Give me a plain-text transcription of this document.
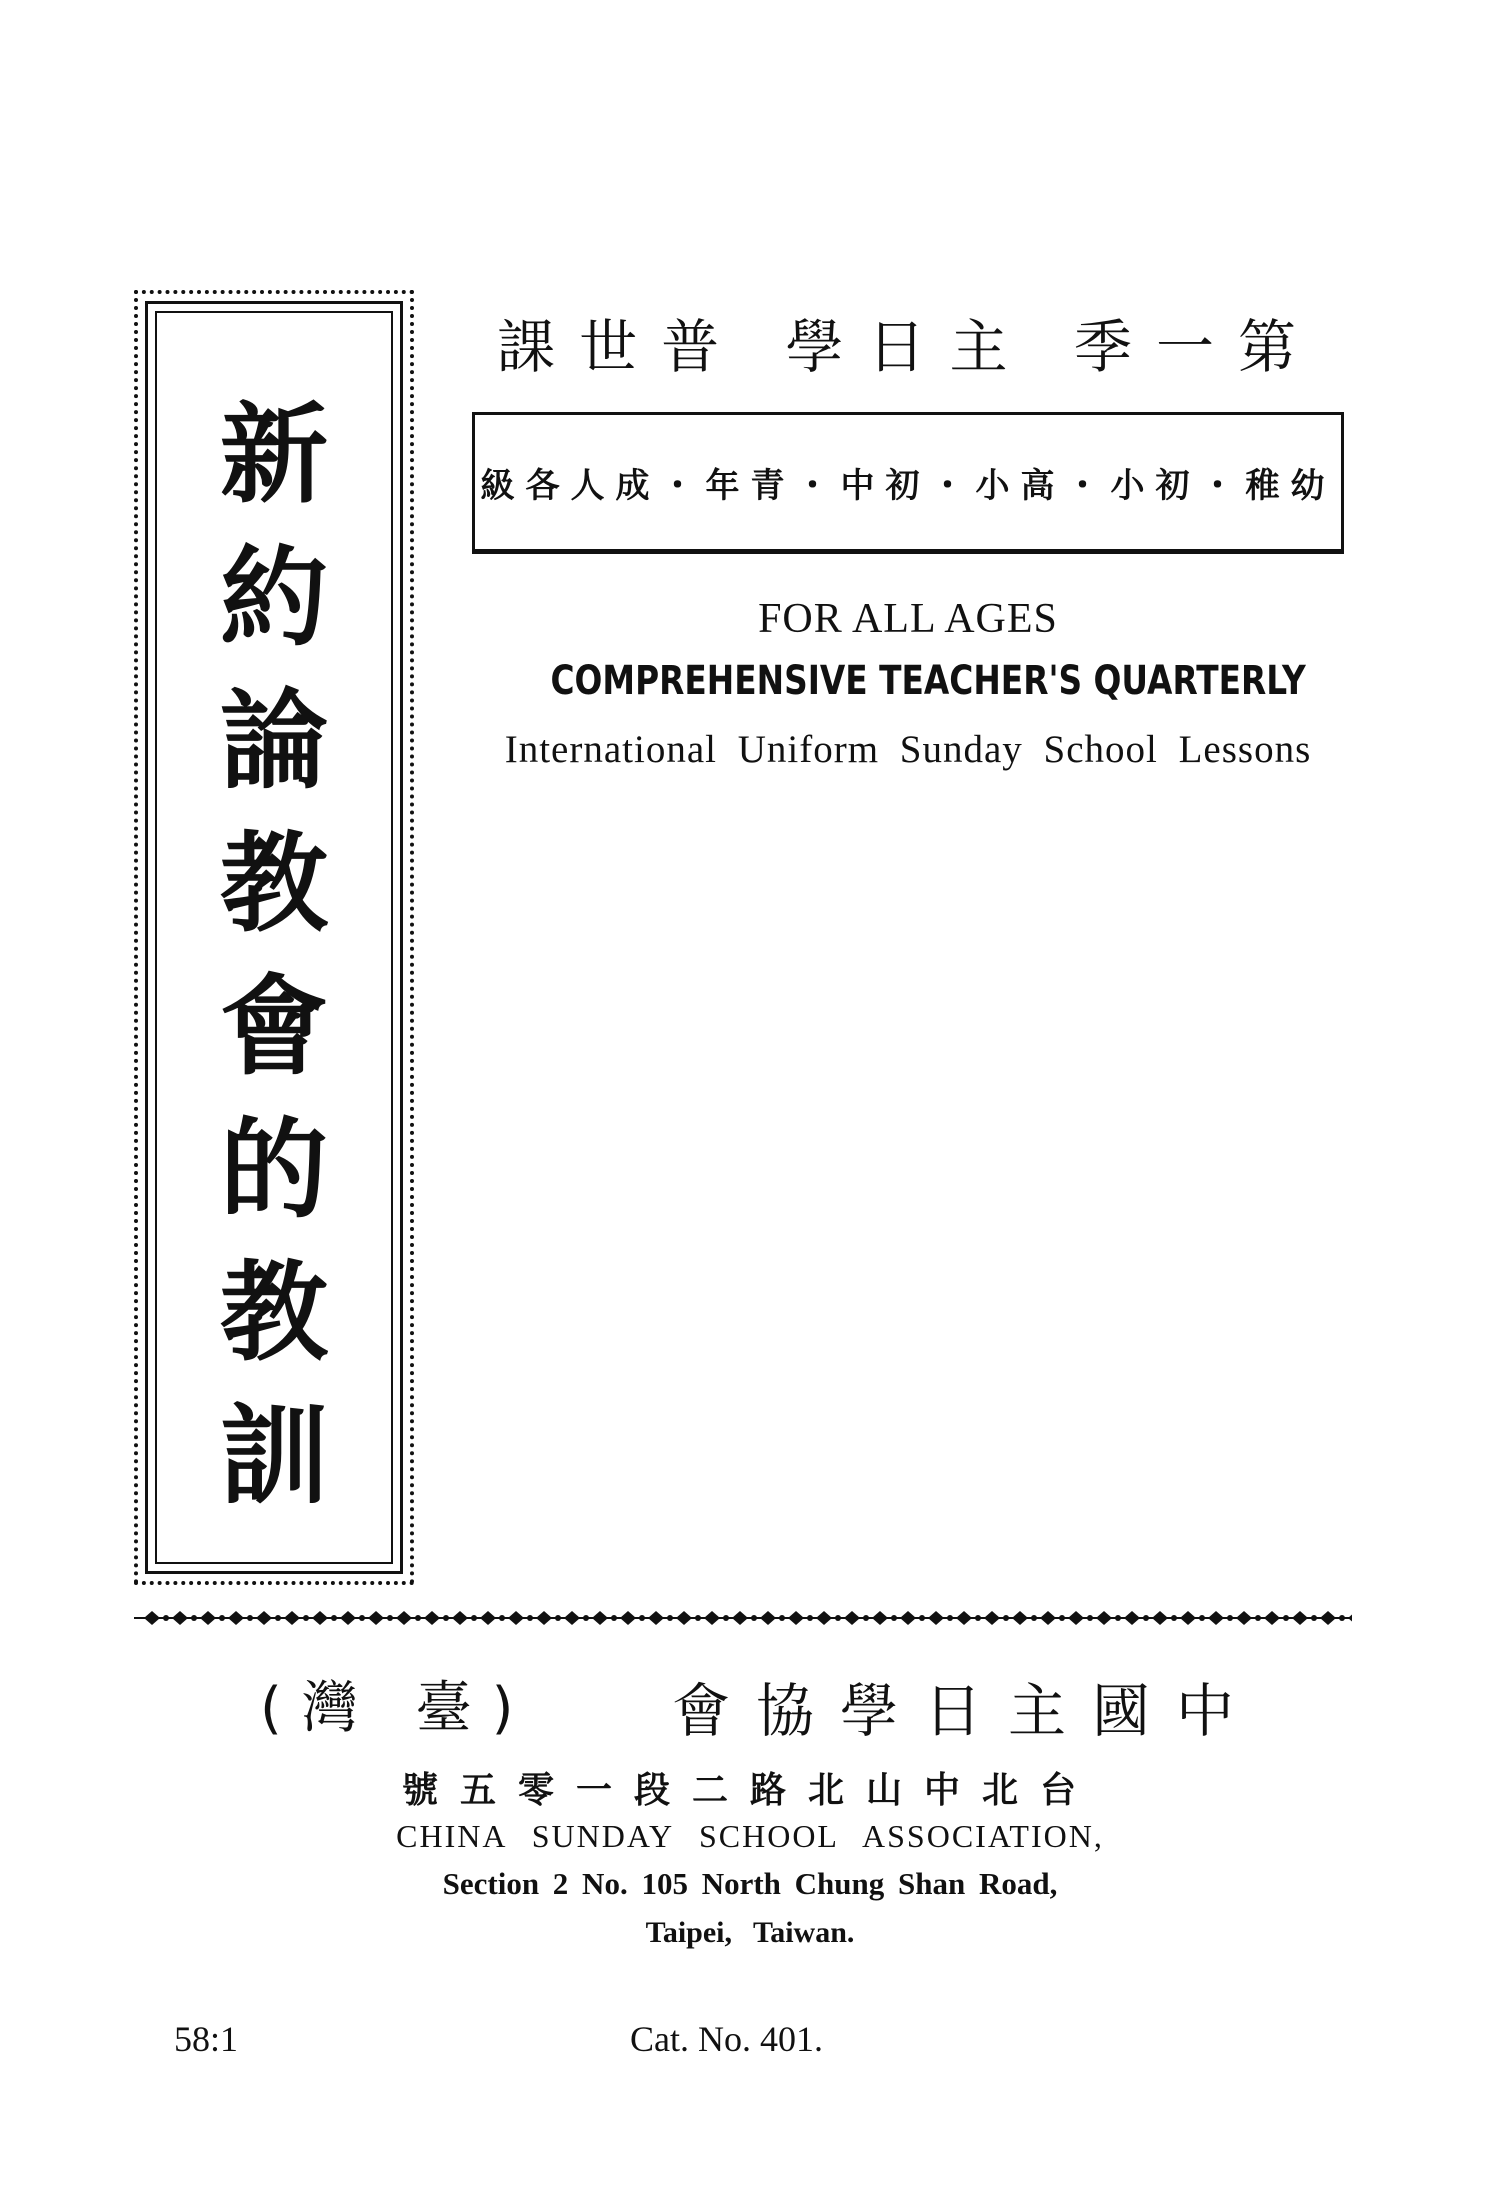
新
約
論
教
會
的
教
訓
第一季 主日學 普世課
幼稚・初小・高小・初中・青年・成人各級
FOR ALL AGES
COMPREHENSIVE TEACHER'S QUARTERLY
International Uniform Sunday School Lessons
(臺 灣) 中國主日學協會
台北中山北路二段一零五號
CHINA SUNDAY SCHOOL ASSOCIATION,
Section 2 No. 105 North Chung Shan Road,
Taipei, Taiwan.
58:1	Cat. No. 401.
